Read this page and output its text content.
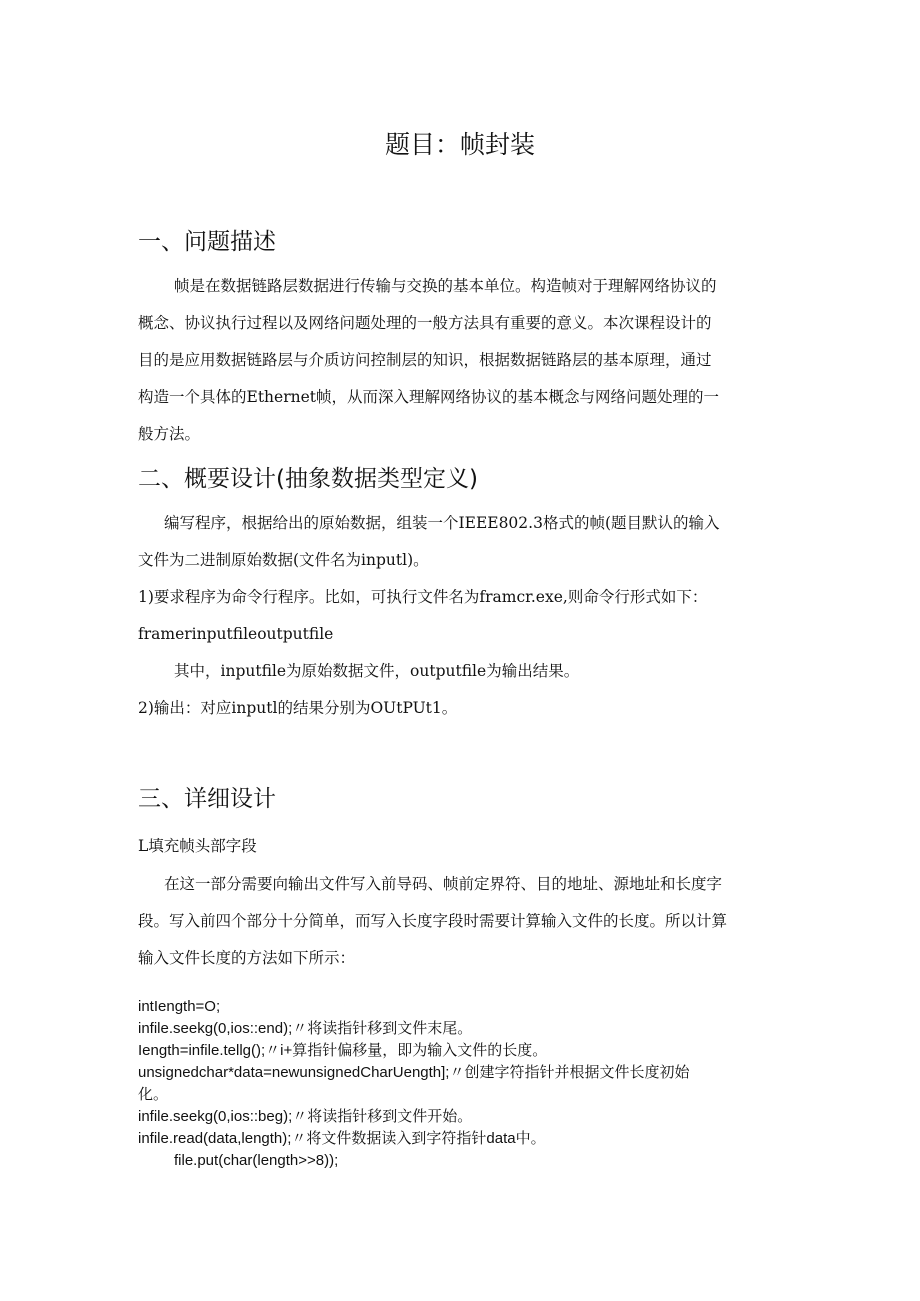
题目：帧封装
一、问题描述
帧是在数据链路层数据进行传输与交换的基本单位。构造帧对于理解网络协议的
概念、协议执行过程以及网络问题处理的一般方法具有重要的意义。本次课程设计的
目的是应用数据链路层与介质访问控制层的知识，根据数据链路层的基本原理，通过
构造一个具体的Ethernet帧，从而深入理解网络协议的基本概念与网络问题处理的一
般方法。
二、概要设计(抽象数据类型定义)
编写程序，根据给出的原始数据，组装一个IEEE802.3格式的帧(题目默认的输入
文件为二进制原始数据(文件名为inputl)。
1)要求程序为命令行程序。比如，可执行文件名为framcr.exe,则命令行形式如下：
framerinputfileoutputfile
其中，inputfile为原始数据文件，outputfile为输出结果。
2)输出：对应inputl的结果分别为OUtPUt1。
三、详细设计
L填充帧头部字段
在这一部分需要向输出文件写入前导码、帧前定界符、目的地址、源地址和长度字
段。写入前四个部分十分简单，而写入长度字段时需要计算输入文件的长度。所以计算
输入文件长度的方法如下所示：
intIength=O;
infile.seekg(0,ios::end);〃将读指针移到文件末尾。
Iength=infile.tellg();〃i+算指针偏移量，即为输入文件的长度。
unsignedchar*data=newunsignedCharUength];〃创建字符指针并根据文件长度初始
化。
infile.seekg(0,ios::beg);〃将读指针移到文件开始。
infile.read(data,length);〃将文件数据读入到字符指针data中。
file.put(char(length>>8));
